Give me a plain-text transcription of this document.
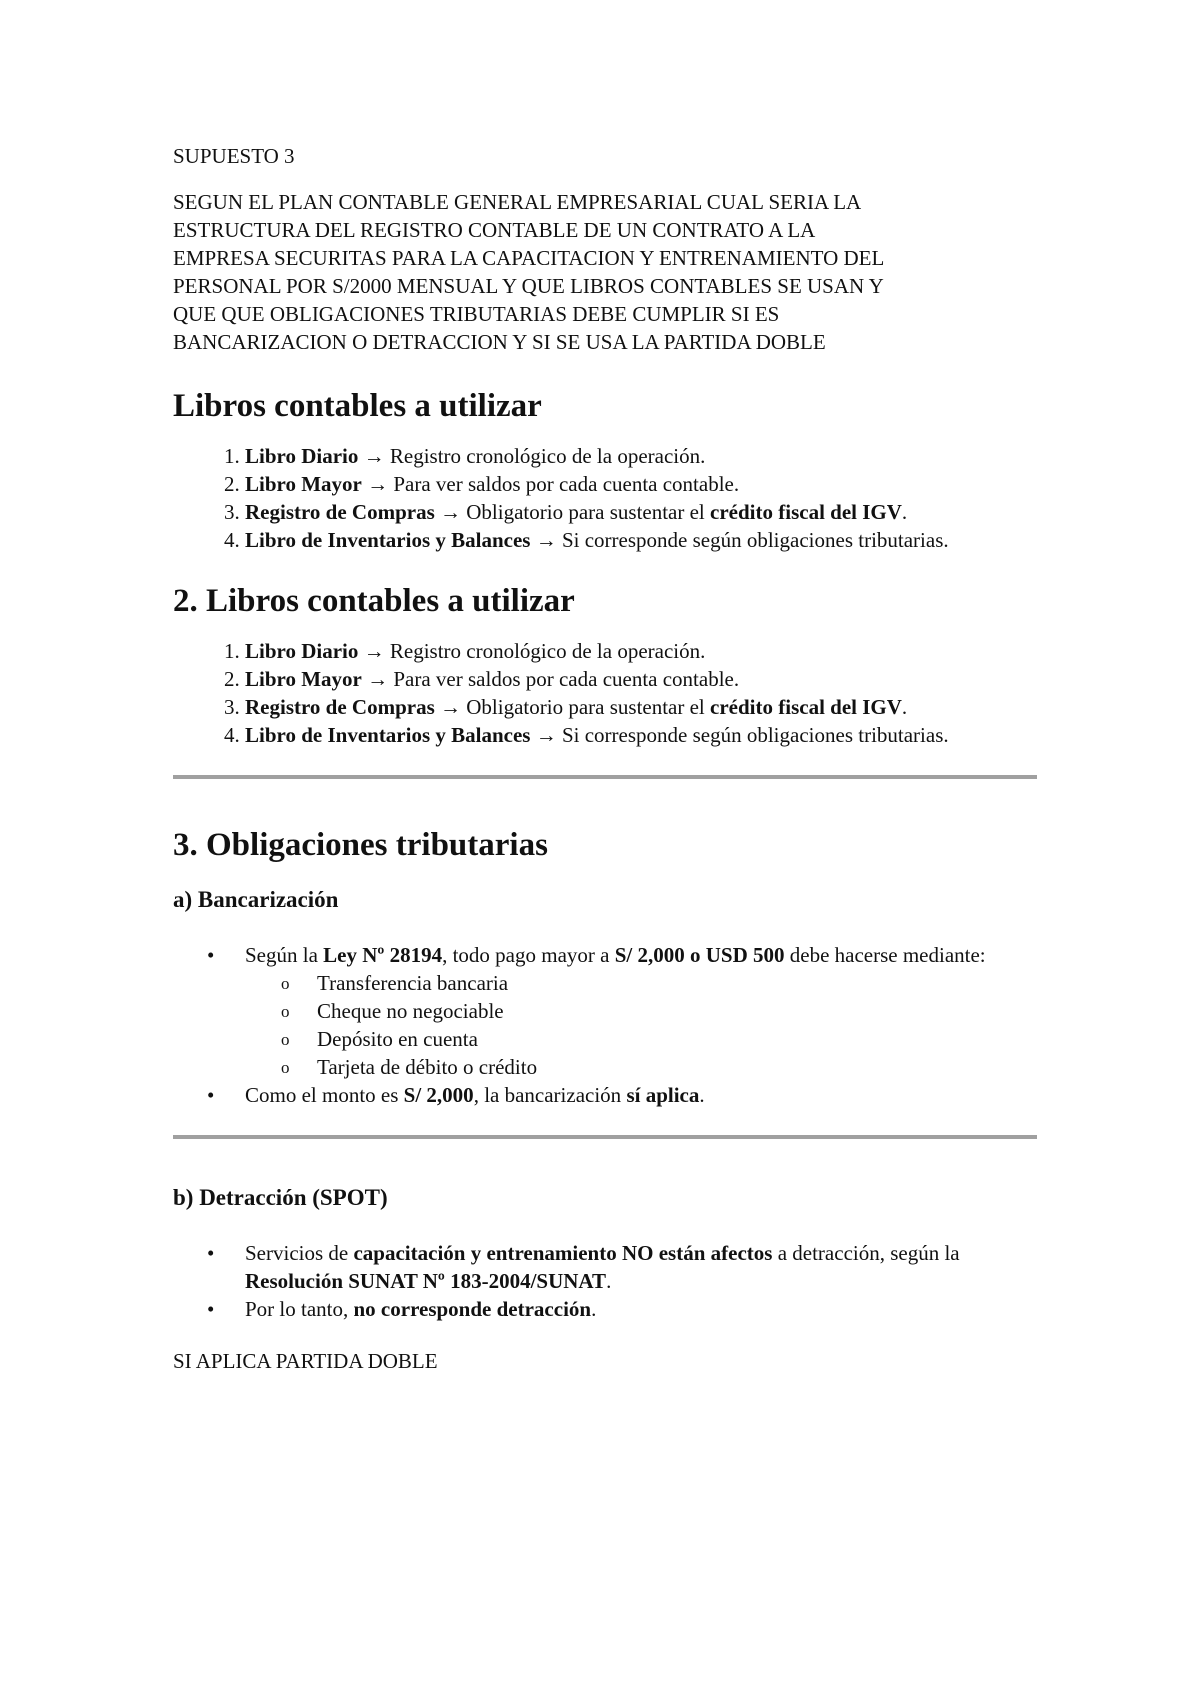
SUPUESTO 3

SEGUN EL PLAN CONTABLE GENERAL EMPRESARIAL CUAL SERIA LA

ESTRUCTURA DEL REGISTRO CONTABLE DE UN CONTRATO A LA

EMPRESA SECURITAS PARA LA CAPACITACION Y ENTRENAMIENTO DEL

PERSONAL POR S/2000 MENSUAL Y QUE LIBROS CONTABLES SE USAN Y

QUE QUE OBLIGACIONES TRIBUTARIAS DEBE CUMPLIR SI ES

BANCARIZACION O DETRACCION Y SI SE USA LA PARTIDA DOBLE

Libros contables a utilizar
1. Libro Diario → Registro cronológico de la operación.
2. Libro Mayor → Para ver saldos por cada cuenta contable.
3. Registro de Compras → Obligatorio para sustentar el crédito fiscal del IGV.
4. Libro de Inventarios y Balances → Si corresponde según obligaciones tributarias.
2. Libros contables a utilizar
1. Libro Diario → Registro cronológico de la operación.
2. Libro Mayor → Para ver saldos por cada cuenta contable.
3. Registro de Compras → Obligatorio para sustentar el crédito fiscal del IGV.
4. Libro de Inventarios y Balances → Si corresponde según obligaciones tributarias.
3. Obligaciones tributarias
a) Bancarización
• Según la Ley Nº 28194, todo pago mayor a S/ 2,000 o USD 500 debe hacerse mediante:
o Transferencia bancaria
o Cheque no negociable
o Depósito en cuenta
o Tarjeta de débito o crédito
• Como el monto es S/ 2,000, la bancarización sí aplica.
b) Detracción (SPOT)
• Servicios de capacitación y entrenamiento NO están afectos a detracción, según la Resolución SUNAT Nº 183-2004/SUNAT.
• Por lo tanto, no corresponde detracción.

SI APLICA PARTIDA DOBLE
